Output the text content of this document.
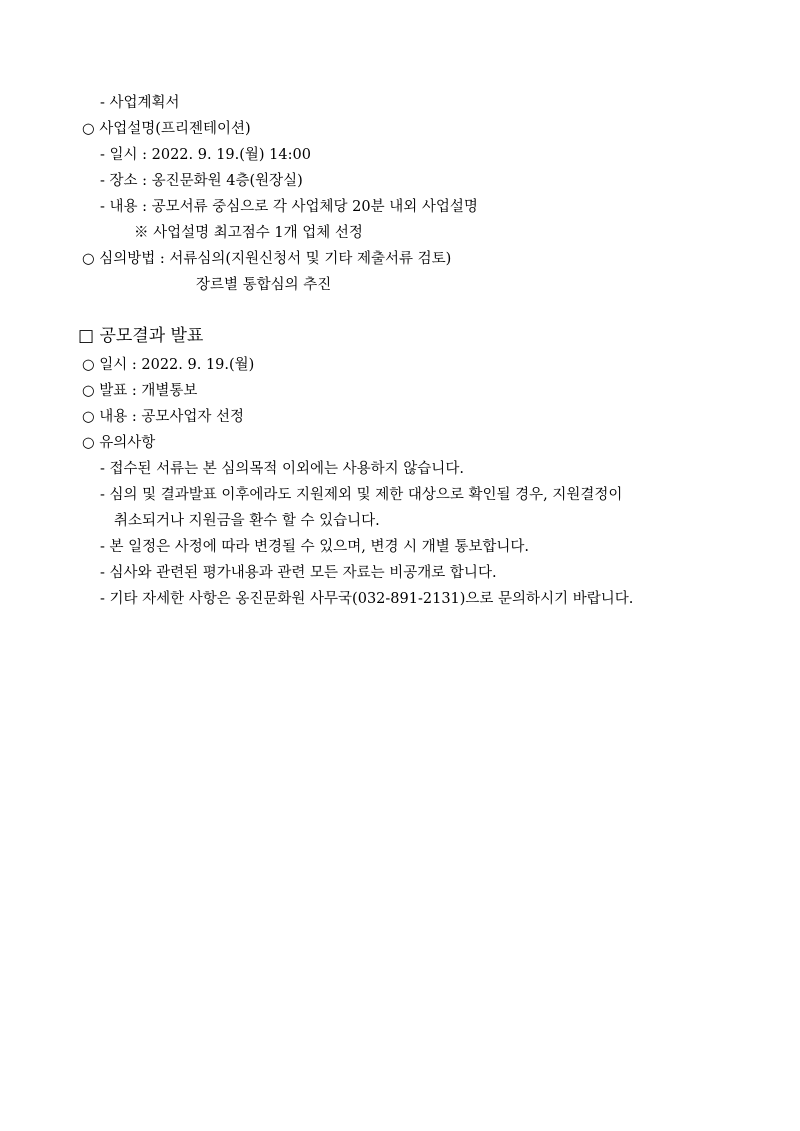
- 사업계획서
○ 사업설명(프리젠테이션)
- 일시 : 2022. 9. 19.(월) 14:00
- 장소 : 옹진문화원 4층(원장실)
- 내용 : 공모서류 중심으로 각 사업체당 20분 내외 사업설명
※ 사업설명 최고점수 1개 업체 선정
○ 심의방법 : 서류심의(지원신청서 및 기타 제출서류 검토)
장르별 통합심의 추진
□ 공모결과 발표
○ 일시 : 2022. 9. 19.(월)
○ 발표 : 개별통보
○ 내용 : 공모사업자 선정
○ 유의사항
- 접수된 서류는 본 심의목적 이외에는 사용하지 않습니다.
- 심의 및 결과발표 이후에라도 지원제외 및 제한 대상으로 확인될 경우, 지원결정이
취소되거나 지원금을 환수 할 수 있습니다.
- 본 일정은 사정에 따라 변경될 수 있으며, 변경 시 개별 통보합니다.
- 심사와 관련된 평가내용과 관련 모든 자료는 비공개로 합니다.
- 기타 자세한 사항은 옹진문화원 사무국(032-891-2131)으로 문의하시기 바랍니다.
